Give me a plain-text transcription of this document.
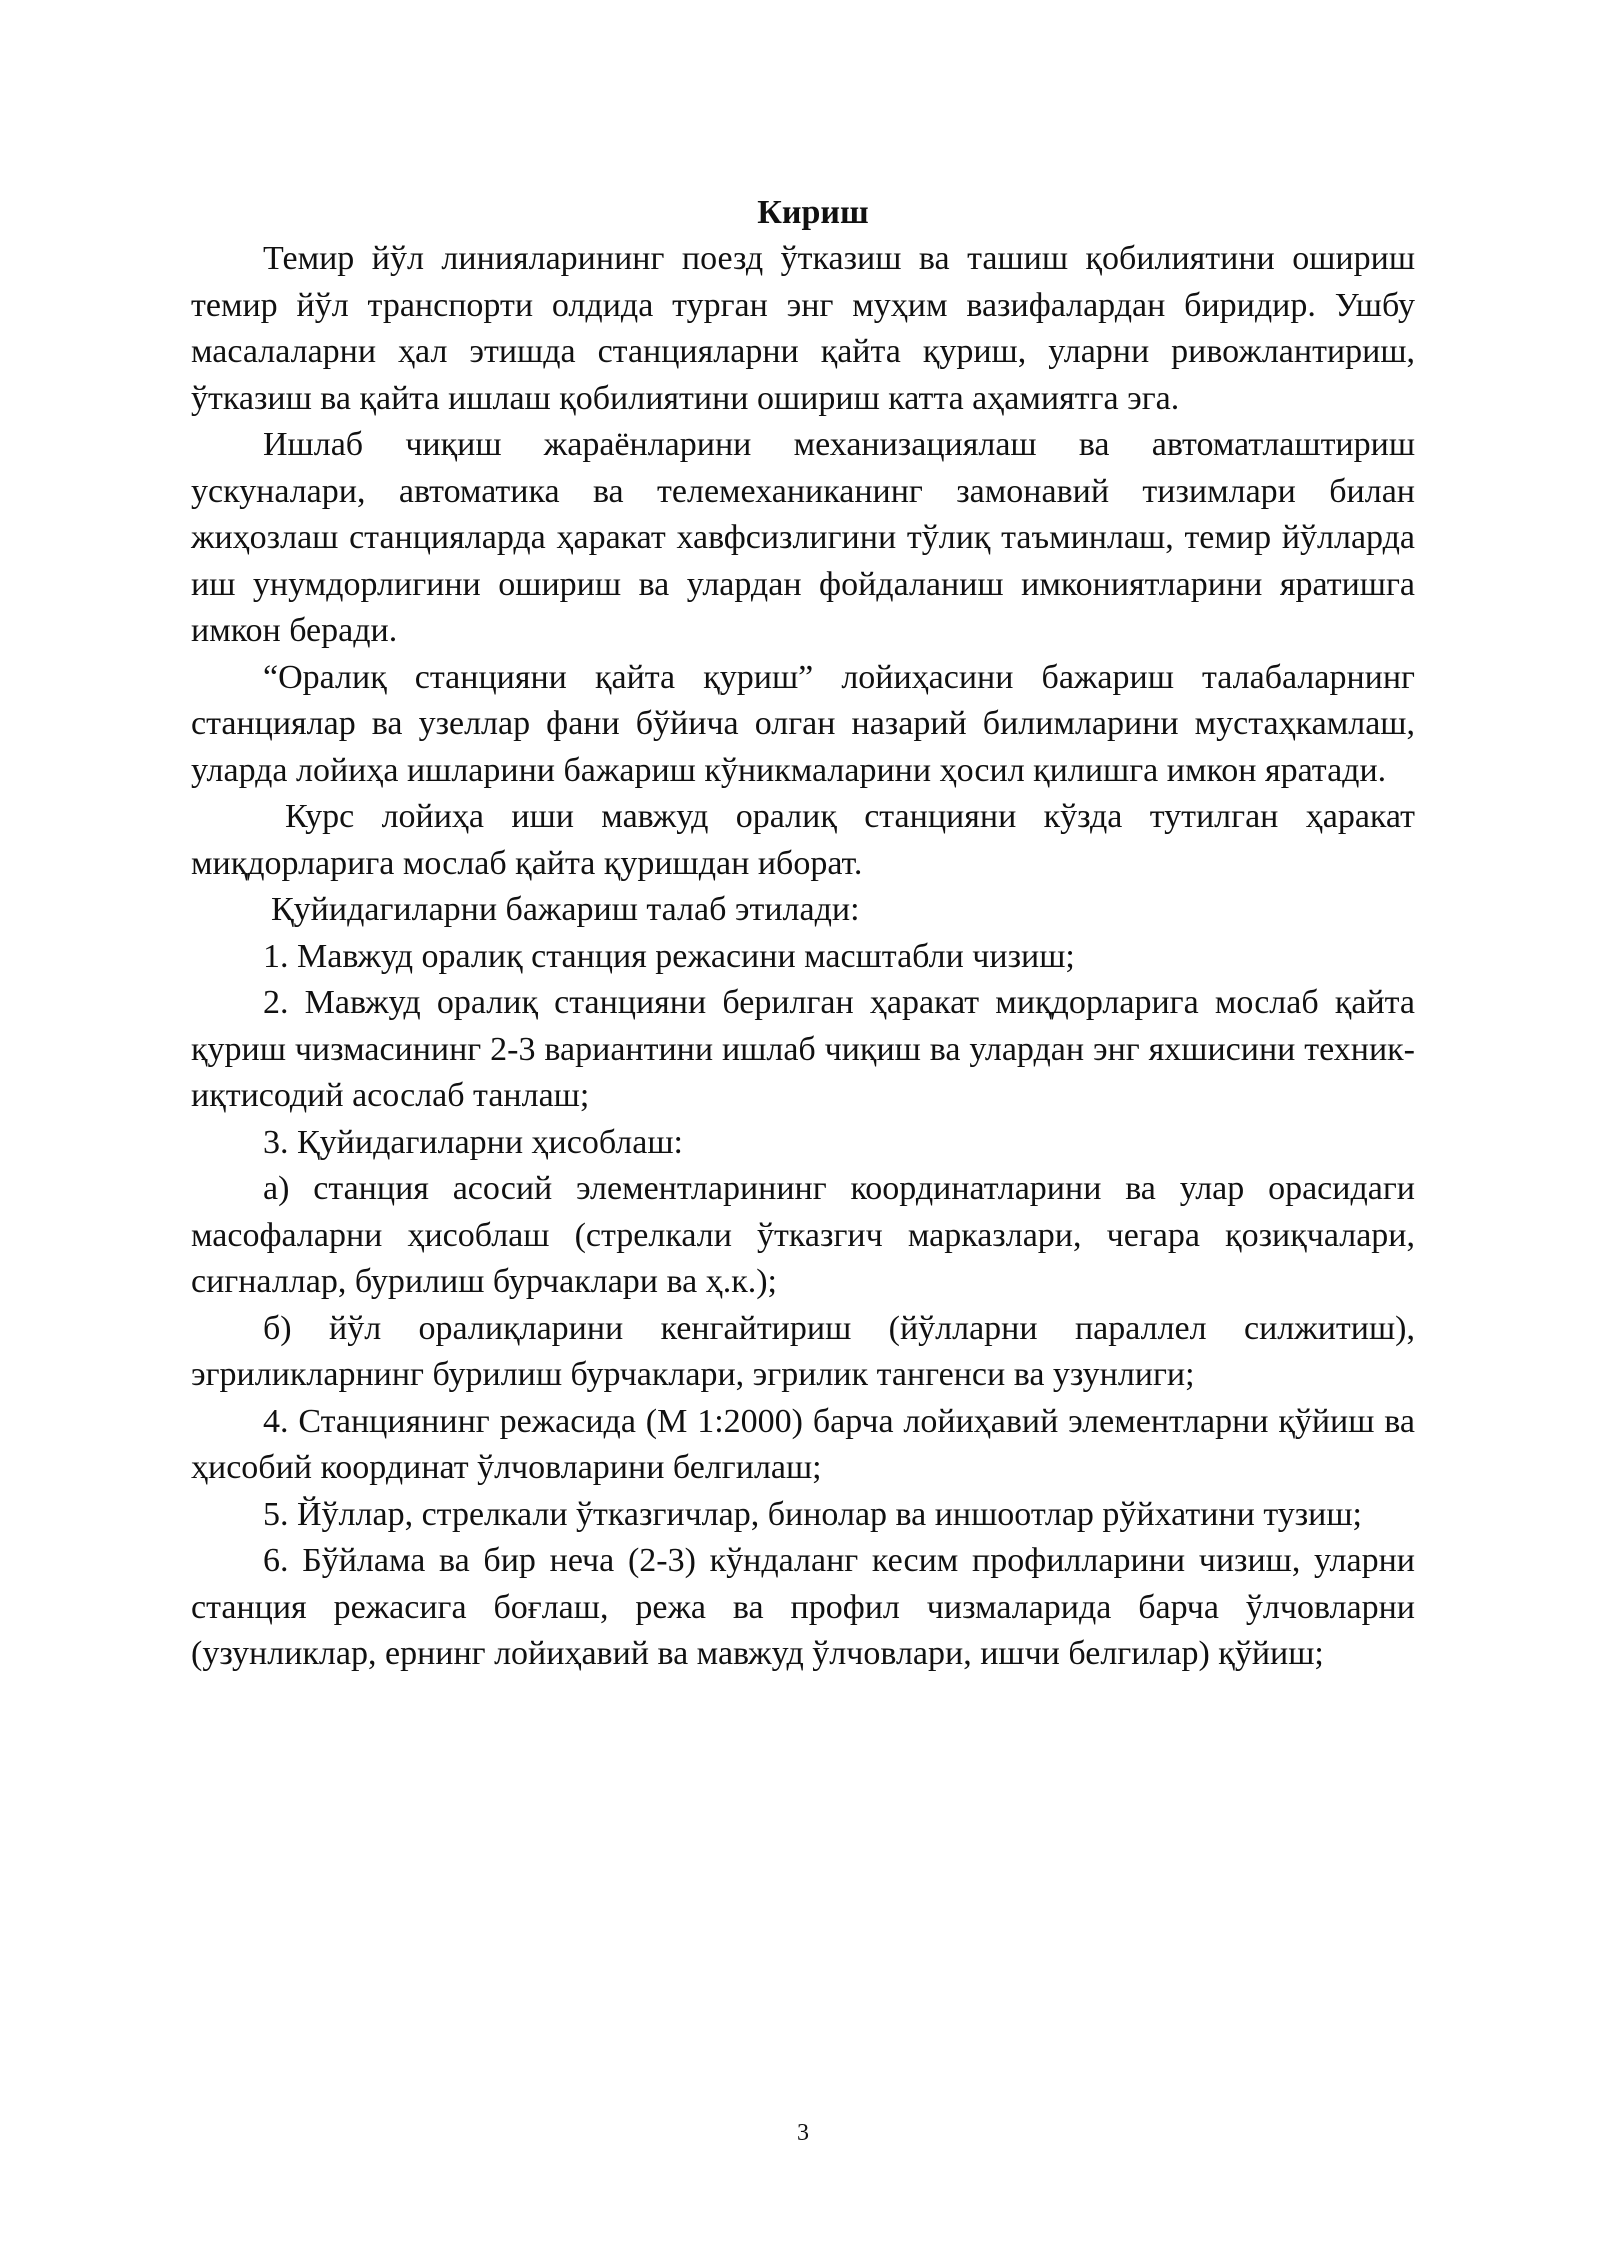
Кириш

Темир йўл линияларининг поезд ўтказиш ва ташиш қобилиятини ошириш темир йўл транспорти олдида турган энг муҳим вазифалардан биридир. Ушбу масалаларни ҳал этишда станцияларни қайта қуриш, уларни ривожлантириш, ўтказиш ва қайта ишлаш қобилиятини ошириш катта аҳамиятга эга.

Ишлаб чиқиш жараёнларини механизациялаш ва автоматлаштириш ускуналари, автоматика ва телемеханиканинг замонавий тизимлари билан жиҳозлаш станцияларда ҳаракат хавфсизлигини тўлиқ таъминлаш, темир йўлларда иш унумдорлигини ошириш ва улардан фойдаланиш имкониятларини яратишга имкон беради.

“Оралиқ станцияни қайта қуриш” лойиҳасини бажариш талабаларнинг станциялар ва узеллар фани бўйича олган назарий билимларини мустаҳкамлаш, уларда лойиҳа ишларини бажариш кўникмаларини ҳосил қилишга имкон яратади.

Курс лойиҳа иши мавжуд оралиқ станцияни кўзда тутилган ҳаракат миқдорларига мослаб қайта қуришдан иборат.

Қуйидагиларни бажариш талаб этилади:

1. Мавжуд оралиқ станция режасини масштабли чизиш;

2. Мавжуд оралиқ станцияни берилган ҳаракат миқдорларига мослаб қайта қуриш чизмасининг 2-3 вариантини ишлаб чиқиш ва улардан энг яхшисини техник-иқтисодий асослаб танлаш;

3. Қуйидагиларни ҳисоблаш:

а) станция асосий элементларининг координатларини ва улар орасидаги масофаларни ҳисоблаш (стрелкали ўтказгич марказлари, чегара қозиқчалари, сигналлар, бурилиш бурчаклари ва ҳ.к.);

б) йўл оралиқларини кенгайтириш (йўлларни параллел силжитиш), эгриликларнинг бурилиш бурчаклари, эгрилик тангенси ва узунлиги;

4. Станциянинг режасида (М 1:2000) барча лойиҳавий элементларни қўйиш ва ҳисобий координат ўлчовларини белгилаш;

5. Йўллар, стрелкали ўтказгичлар, бинолар ва иншоотлар рўйхатини тузиш;

6. Бўйлама ва бир неча (2-3) кўндаланг кесим профилларини чизиш, уларни станция режасига боғлаш, режа ва профил чизмаларида барча ўлчовларни (узунликлар, ернинг лойиҳавий ва мавжуд ўлчовлари, ишчи белгилар) қўйиш;

3
